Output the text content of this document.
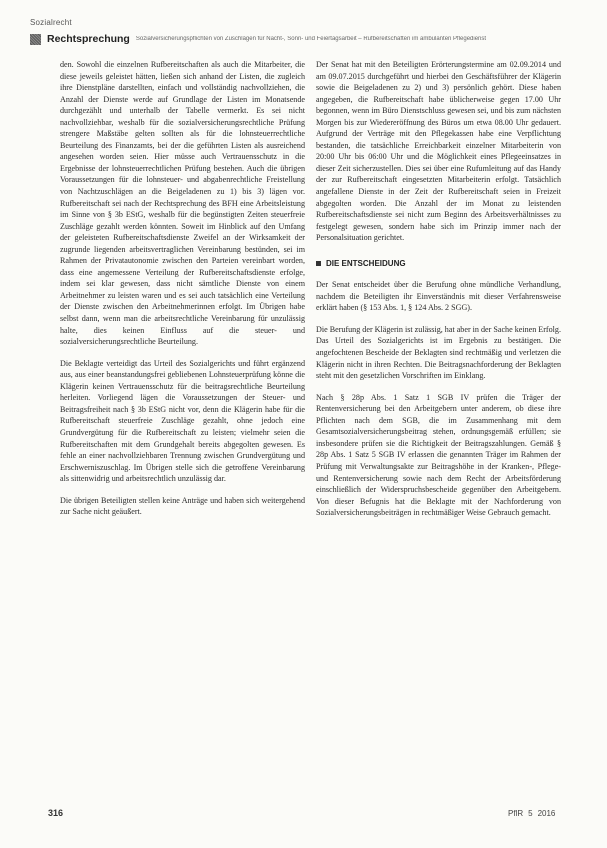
Sozialrecht
Rechtsprechung Sozialversicherungspflichten von Zuschlägen für Nacht-, Sonn- und Feiertagsarbeit – Rufbereitschaften im ambulanten Pflegedienst

den. Sowohl die einzelnen Rufbereitschaften als auch die Mitarbeiter, die diese jeweils geleistet hätten, ließen sich anhand der Listen, die zugleich ihre Dienstpläne darstellten, einfach und vollständig nachvollziehen, die Anzahl der Dienste werde auf Grundlage der Listen im Monatsende durchgezählt und unterhalb der Tabelle vermerkt. Es sei nicht nachvollziehbar, weshalb für die sozialversicherungsrechtliche Prüfung strengere Maßstäbe gelten sollten als für die lohnsteuerrechtliche Beurteilung des Finanzamts, bei der die geführten Listen als ausreichend angesehen worden seien. Hier müsse auch Vertrauensschutz in die Ergebnisse der lohnsteuerrechtlichen Prüfung bestehen. Auch die übrigen Voraussetzungen für die lohnsteuer- und abgabenrechtliche Freistellung von Nachtzuschlägen an die Beigeladenen zu 1) bis 3) lägen vor. Rufbereitschaft sei nach der Rechtsprechung des BFH eine Arbeitsleistung im Sinne von § 3b EStG, weshalb für die begünstigten Zeiten steuerfreie Zuschläge gezahlt werden könnten. Soweit im Hinblick auf den Umfang der geleisteten Rufbereitschaftsdienste Zweifel an der Wirksamkeit der zugrunde liegenden arbeitsvertraglichen Vereinbarung bestünden, sei im Rahmen der Privatautonomie zwischen den Parteien vereinbart worden, dass eine angemessene Verteilung der Rufbereitschaftsdienste erfolge, indem sei klar gewesen, dass nicht sämtliche Dienste von einem Arbeitnehmer zu leisten waren und es sei auch tatsächlich eine Verteilung der Dienste zwischen den Arbeitnehmerinnen erfolgt. Im Übrigen habe selbst dann, wenn man die arbeitsrechtliche Vereinbarung für unzulässig halte, dies keinen Einfluss auf die steuer- und sozialversicherungsrechtliche Beurteilung.

Die Beklagte verteidigt das Urteil des Sozialgerichts und führt ergänzend aus, aus einer beanstandungsfrei gebliebenen Lohnsteuerprüfung könne die Klägerin keinen Vertrauensschutz für die beitragsrechtliche Beurteilung herleiten. Vorliegend lägen die Voraussetzungen der Steuer- und Beitragsfreiheit nach § 3b EStG nicht vor, denn die Klägerin habe für die Rufbereitschaft steuerfreie Zuschläge gezahlt, ohne jedoch eine Grundvergütung für die Rufbereitschaft zu leisten; vielmehr seien die Rufbereitschaften mit dem Grundgehalt bereits abgegolten gewesen. Es fehle an einer nachvollziehbaren Trennung zwischen Grundvergütung und Erschwerniszuschlag. Im Übrigen stelle sich die getroffene Vereinbarung als sittenwidrig und arbeitsrechtlich unzulässig dar.

Die übrigen Beteiligten stellen keine Anträge und haben sich weitergehend zur Sache nicht geäußert.

Der Senat hat mit den Beteiligten Erörterungstermine am 02.09.2014 und am 09.07.2015 durchgeführt und hierbei den Geschäftsführer der Klägerin sowie die Beigeladenen zu 2) und 3) persönlich gehört. Diese haben angegeben, die Rufbereitschaft habe üblicherweise gegen 17.00 Uhr begonnen, wenn im Büro Dienstschluss gewesen sei, und bis zum nächsten Morgen bis zur Wiedereröffnung des Büros um etwa 08.00 Uhr gedauert. Aufgrund der Verträge mit den Pflegekassen habe eine Verpflichtung bestanden, die tatsächliche Erreichbarkeit einzelner Mitarbeiterin von 20:00 Uhr bis 06:00 Uhr und die Möglichkeit eines Pflegeeinsatzes in dieser Zeit sicherzustellen. Dies sei über eine Rufumleitung auf das Handy der zur Rufbereitschaft eingesetzten Mitarbeiterin erfolgt. Tatsächlich angefallene Dienste in der Zeit der Rufbereitschaft seien in Freizeit abgegolten worden. Die Anzahl der im Monat zu leistenden Rufbereitschaftsdienste sei nicht zum Beginn des Arbeitsverhältnisses zu festgelegt gewesen, sondern habe sich im Prinzip immer nach der Personalsituation gerichtet.

DIE ENTSCHEIDUNG

Der Senat entscheidet über die Berufung ohne mündliche Verhandlung, nachdem die Beteiligten ihr Einverständnis mit dieser Verfahrensweise erklärt haben (§ 153 Abs. 1, § 124 Abs. 2 SGG).

Die Berufung der Klägerin ist zulässig, hat aber in der Sache keinen Erfolg. Das Urteil des Sozialgerichts ist im Ergebnis zu bestätigen. Die angefochtenen Bescheide der Beklagten sind rechtmäßig und verletzen die Klägerin nicht in ihren Rechten. Die Beitragsnachforderung der Beklagten steht mit den gesetzlichen Vorschriften im Einklang.

Nach § 28p Abs. 1 Satz 1 SGB IV prüfen die Träger der Rentenversicherung bei den Arbeitgebern unter anderem, ob diese ihre Pflichten nach dem SGB, die im Zusammenhang mit dem Gesamtsozialversicherungsbeitrag stehen, ordnungsgemäß erfüllen; sie insbesondere prüfen sie die Richtigkeit der Beitragszahlungen. Gemäß § 28p Abs. 1 Satz 5 SGB IV erlassen die genannten Träger im Rahmen der Prüfung mit Verwaltungsakte zur Beitragshöhe in der Kranken-, Pflege- und Rentenversicherung sowie nach dem Recht der Arbeitsförderung einschließlich der Widerspruchsbescheide gegenüber den Arbeitgebern. Von dieser Befugnis hat die Beklagte mit der Nachforderung von Sozialversicherungsbeiträgen in rechtmäßiger Weise Gebrauch gemacht.

316	PflR 5 2016
